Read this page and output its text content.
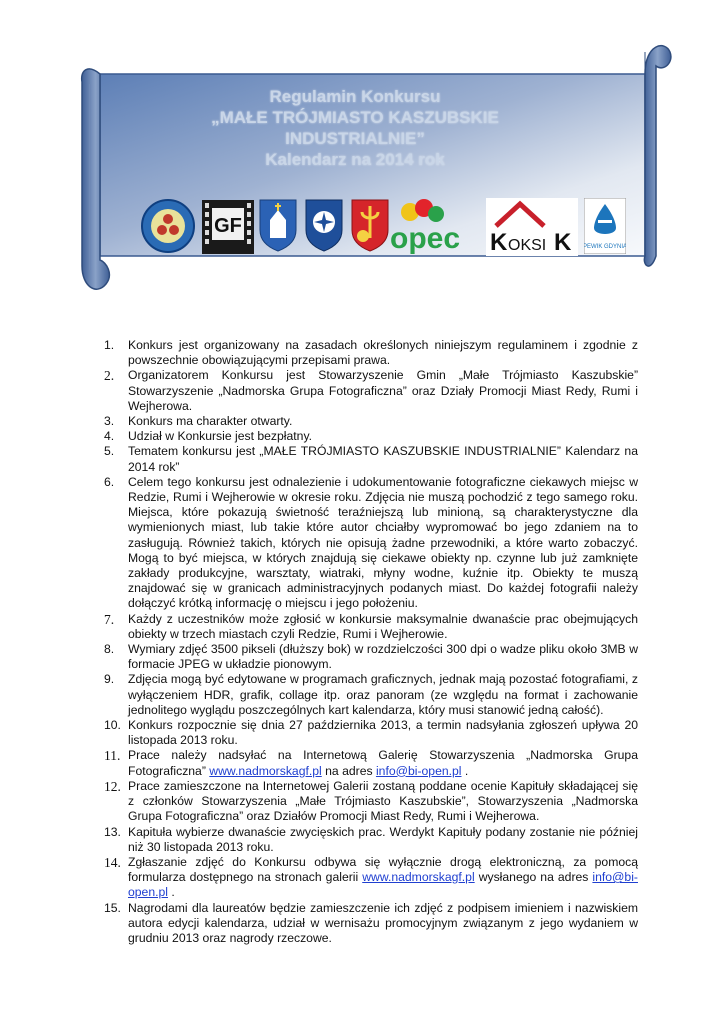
Regulamin Konkursu
„MAŁE TRÓJMIASTO KASZUBSKIE
INDUSTRIALNIE”
Kalendarz na 2014 rok
GF	opec K OKSI K PEWIK GDYNIA
1. Konkurs jest organizowany na zasadach określonych niniejszym regulaminem i zgodnie z powszechnie obowiązującymi przepisami prawa.
2. Organizatorem Konkursu jest Stowarzyszenie Gmin „Małe Trójmiasto Kaszubskie” Stowarzyszenie „Nadmorska Grupa Fotograficzna” oraz Działy Promocji Miast Redy, Rumi i Wejherowa.
3. Konkurs ma charakter otwarty.
4. Udział w Konkursie jest bezpłatny.
5. Tematem konkursu jest „MAŁE TRÓJMIASTO KASZUBSKIE INDUSTRIALNIE” Kalendarz na 2014 rok”
6. Celem tego konkursu jest odnalezienie i udokumentowanie fotograficzne ciekawych miejsc w Redzie, Rumi i Wejherowie w okresie roku. Zdjęcia nie muszą pochodzić z tego samego roku. Miejsca, które pokazują świetność teraźniejszą lub minioną, są charakterystyczne dla wymienionych miast, lub takie które autor chciałby wypromować bo jego zdaniem na to zasługują. Również takich, których nie opisują żadne przewodniki, a które warto zobaczyć. Mogą to być miejsca, w których znajdują się ciekawe obiekty np. czynne lub już zamknięte zakłady produkcyjne, warsztaty, wiatraki, młyny wodne, kuźnie itp. Obiekty te muszą znajdować się w granicach administracyjnych podanych miast. Do każdej fotografii należy dołączyć krótką informację o miejscu i jego położeniu.
7. Każdy z uczestników może zgłosić w konkursie maksymalnie dwanaście prac obejmujących obiekty w trzech miastach czyli Redzie, Rumi i Wejherowie.
8. Wymiary zdjęć 3500 pikseli (dłuższy bok) w rozdzielczości 300 dpi o wadze pliku około 3MB w formacie JPEG w układzie pionowym.
9. Zdjęcia mogą być edytowane w programach graficznych, jednak mają pozostać fotografiami, z wyłączeniem HDR, grafik, collage itp. oraz panoram (ze względu na format i zachowanie jednolitego wyglądu poszczególnych kart kalendarza, który musi stanowić jedną całość).
10. Konkurs rozpocznie się dnia 27 października 2013, a termin nadsyłania zgłoszeń upływa 20 listopada 2013 roku.
11. Prace należy nadsyłać na Internetową Galerię Stowarzyszenia „Nadmorska Grupa Fotograficzna” www.nadmorskagf.pl na adres info@bi-open.pl .
12. Prace zamieszczone na Internetowej Galerii zostaną poddane ocenie Kapituły składającej się z członków Stowarzyszenia „Małe Trójmiasto Kaszubskie”, Stowarzyszenia „Nadmorska Grupa Fotograficzna” oraz Działów Promocji Miast Redy, Rumi i Wejherowa.
13. Kapituła wybierze dwanaście zwycięskich prac. Werdykt Kapituły podany zostanie nie później niż 30 listopada 2013 roku.
14. Zgłaszanie zdjęć do Konkursu odbywa się wyłącznie drogą elektroniczną, za pomocą formularza dostępnego na stronach galerii www.nadmorskagf.pl wysłanego na adres info@bi-open.pl .
15. Nagrodami dla laureatów będzie zamieszczenie ich zdjęć z podpisem imieniem i nazwiskiem autora edycji kalendarza, udział w wernisażu promocyjnym związanym z jego wydaniem w grudniu 2013 oraz nagrody rzeczowe.
